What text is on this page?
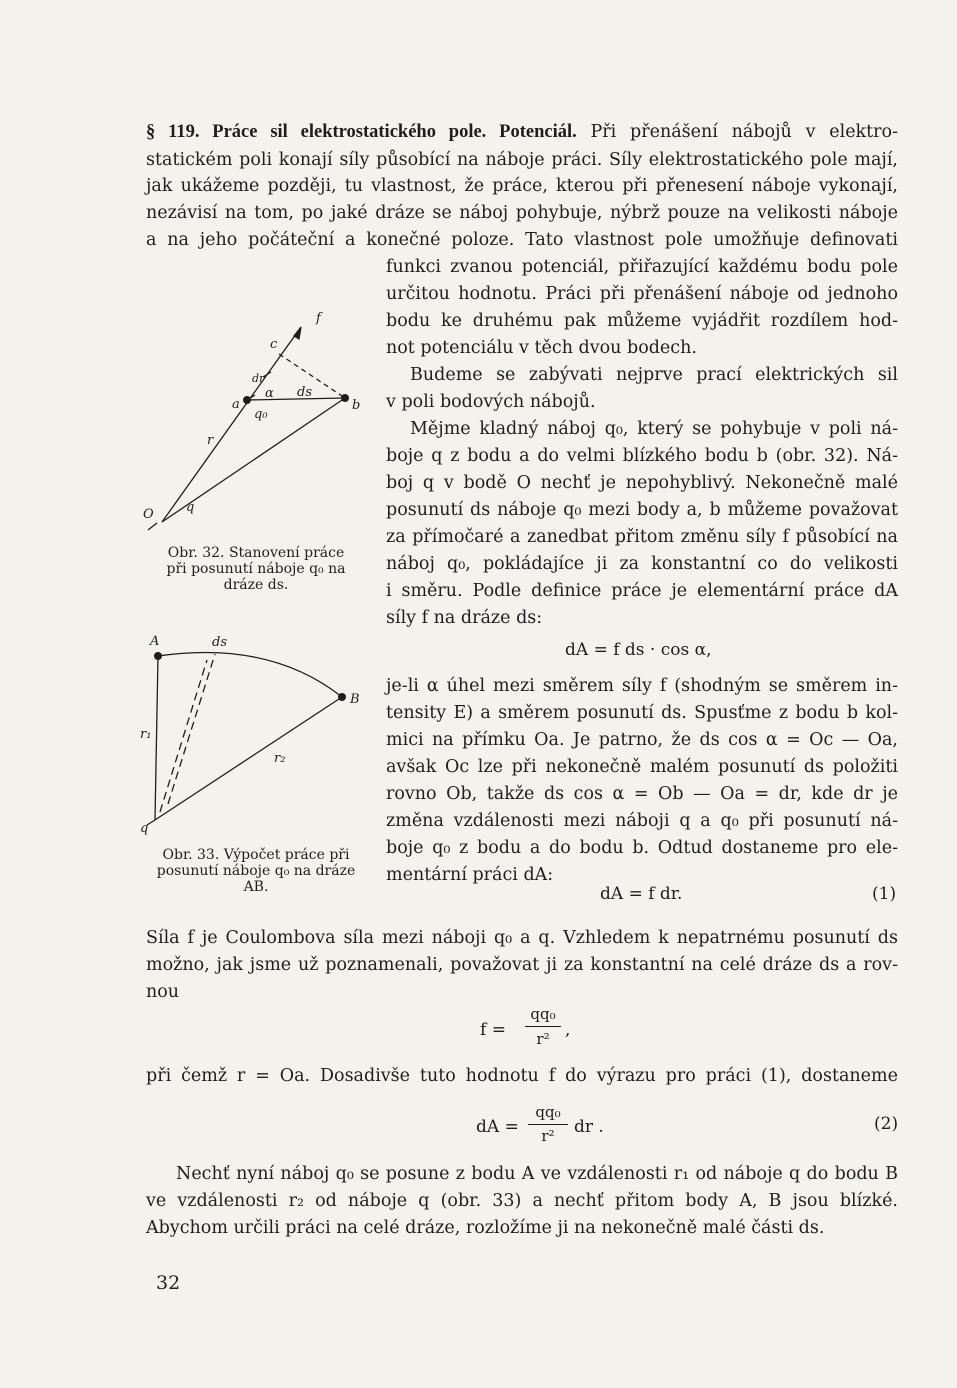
§ 119. Práce sil elektrostatického pole. Potenciál. Při přenášení nábojů v elektro-
statickém poli konají síly působící na náboje práci. Síly elektrostatického pole mají,
jak ukážeme později, tu vlastnost, že práce, kterou při přenesení náboje vykonají,
nezávisí na tom, po jaké dráze se náboj pohybuje, nýbrž pouze na velikosti náboje
a na jeho počáteční a konečné poloze. Tato vlastnost pole umožňuje definovati
funkci zvanou potenciál, přiřazující každému bodu pole
určitou hodnotu. Práci při přenášení náboje od jednoho
bodu ke druhému pak můžeme vyjádřit rozdílem hod-
not potenciálu v těch dvou bodech.
Budeme se zabývati nejprve prací elektrických sil
v poli bodových nábojů.
Mějme kladný náboj q₀, který se pohybuje v poli ná-
boje q z bodu a do velmi blízkého bodu b (obr. 32). Ná-
boj q v bodě O nechť je nepohyblivý. Nekonečně malé
posunutí ds náboje q₀ mezi body a, b můžeme považovat
za přímočaré a zanedbat přitom změnu síly f působící na
náboj q₀, pokládajíce ji za konstantní co do velikosti
i směru. Podle definice práce je elementární práce dA
síly f na dráze ds:
dA = f ds · cos α,
je-li α úhel mezi směrem síly f (shodným se směrem in-
tensity E) a směrem posunutí ds. Spusťme z bodu b kol-
mici na přímku Oa. Je patrno, že ds cos α = Oc — Oa,
avšak Oc lze při nekonečně malém posunutí ds položiti
rovno Ob, takže ds cos α = Ob — Oa = dr, kde dr je
změna vzdálenosti mezi náboji q a q₀ při posunutí ná-
boje q₀ z bodu a do bodu b. Odtud dostaneme pro ele-
mentární práci dA:
dA = f dr.	(1)
Síla f je Coulombova síla mezi náboji q₀ a q. Vzhledem k nepatrnému posunutí ds
možno, jak jsme už poznamenali, považovat ji za konstantní na celé dráze ds a rov-
nou
f =
qq₀
r² ,
při čemž r = Oa. Dosadivše tuto hodnotu f do výrazu pro práci (1), dostaneme
dA =
qq₀
r²	dr .	(2)
Nechť nyní náboj q₀ se posune z bodu A ve vzdálenosti r₁ od náboje q do bodu B
ve vzdálenosti r₂ od náboje q (obr. 33) a nechť přitom body A, B jsou blízké.
Abychom určili práci na celé dráze, rozložíme ji na nekonečně malé části ds.
32
f
c
a	b
ds
α
q₀
r
O q
dr
Obr. 32. Stanovení práce
při posunutí náboje q₀ na
dráze ds.
A
B
ds
r₁
r₂
q
Obr. 33. Výpočet práce při
posunutí náboje q₀ na dráze
AB.
